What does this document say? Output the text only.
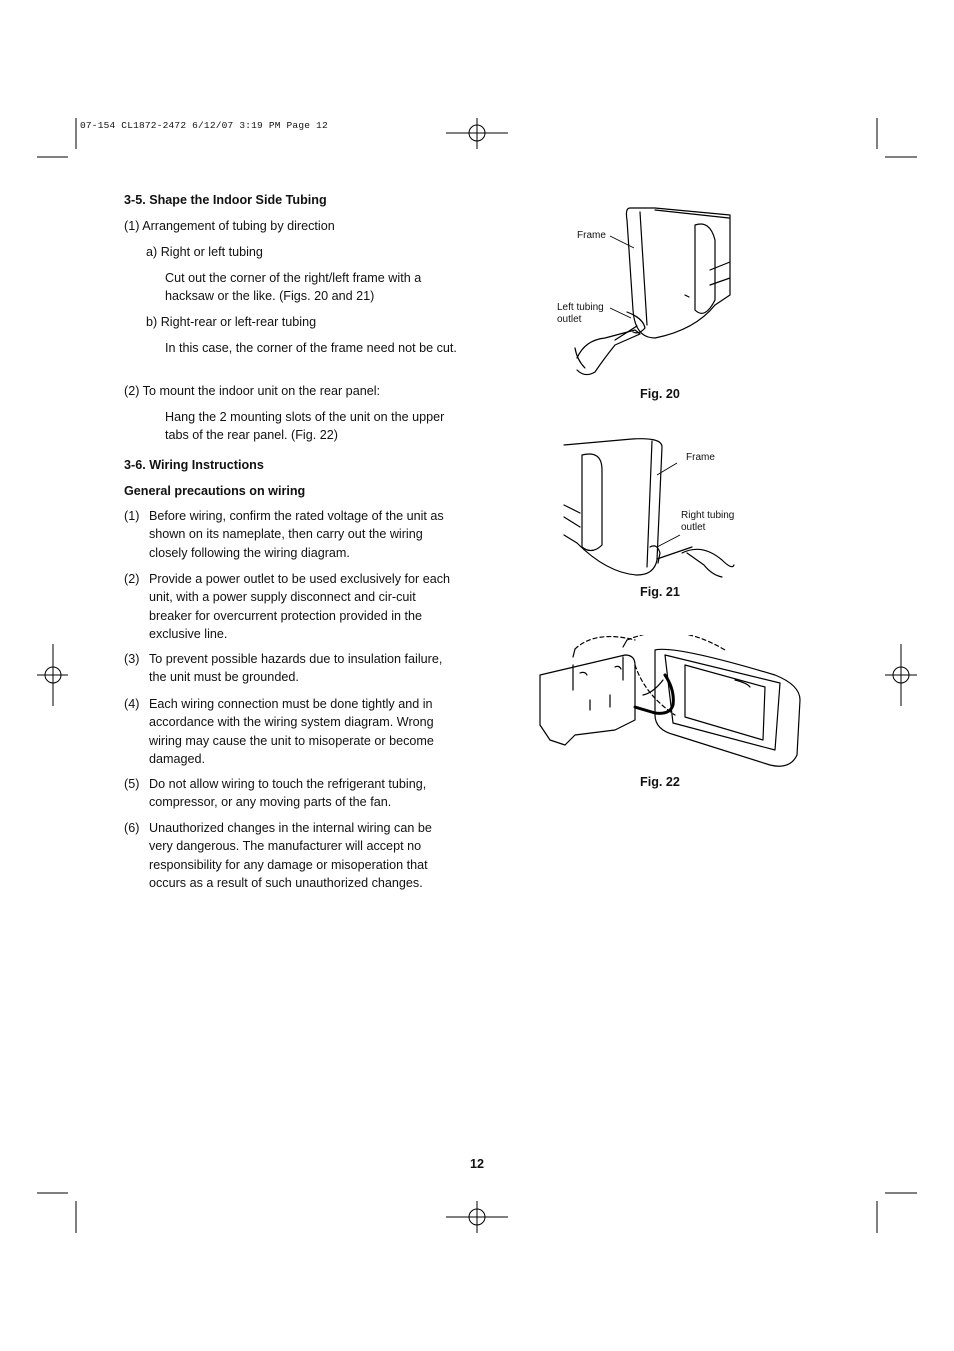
07-154 CL1872-2472 6/12/07 3:19 PM Page 12
3-5. Shape the Indoor Side Tubing
(1) Arrangement of tubing by direction
a) Right or left tubing
Cut out the corner of the right/left frame with a hacksaw or the like. (Figs. 20 and 21)
b) Right-rear or left-rear tubing
In this case, the corner of the frame need not be cut.
(2) To mount the indoor unit on the rear panel:
Hang the 2 mounting slots of the unit on the upper tabs of the rear panel. (Fig. 22)
3-6. Wiring Instructions
General precautions on wiring
(1) Before wiring, confirm the rated voltage of the unit as shown on its nameplate, then carry out the wiring closely following the wiring diagram.
(2) Provide a power outlet to be used exclusively for each unit, with a power supply disconnect and cir-cuit breaker for overcurrent protection provided in the exclusive line.
(3) To prevent possible hazards due to insulation failure, the unit must be grounded.
(4) Each wiring connection must be done tightly and in accordance with the wiring system diagram. Wrong wiring may cause the unit to misoperate or become damaged.
(5) Do not allow wiring to touch the refrigerant tubing, compressor, or any moving parts of the fan.
(6) Unauthorized changes in the internal wiring can be very dangerous. The manufacturer will accept no responsibility for any damage or misoperation that occurs as a result of such unauthorized changes.
Frame
Left tubing
outlet
Fig. 20
Frame
Right tubing
outlet
Fig. 21
Fig. 22
12
